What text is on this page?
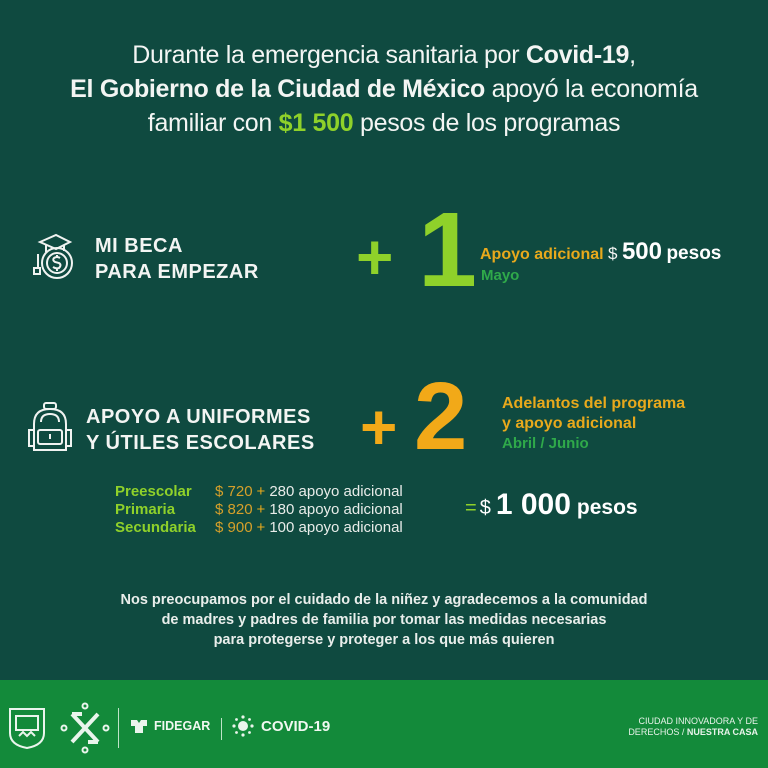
Durante la emergencia sanitaria por Covid-19,
El Gobierno de la Ciudad de México apoyó la economía
familiar con $1 500 pesos de los programas
MI BECA
PARA EMPEZAR + 1 Apoyo adicional $ 500 pesos
Mayo
APOYO A UNIFORMES
Y ÚTILES ESCOLARES + 2 Adelantos del programa
y apoyo adicional
Abril / Junio
Preescolar	$ 720 + 280 apoyo adicional
Primaria	$ 820 + 180 apoyo adicional
Secundaria	$ 900 + 100 apoyo adicional
= $ 1 000 pesos
Nos preocupamos por el cuidado de la niñez y agradecemos a la comunidad
de madres y padres de familia por tomar las medidas necesarias
para protegerse y proteger a los que más quieren
FIDEGAR	COVID-19	CIUDAD INNOVADORA Y DE
DERECHOS / NUESTRA CASA
